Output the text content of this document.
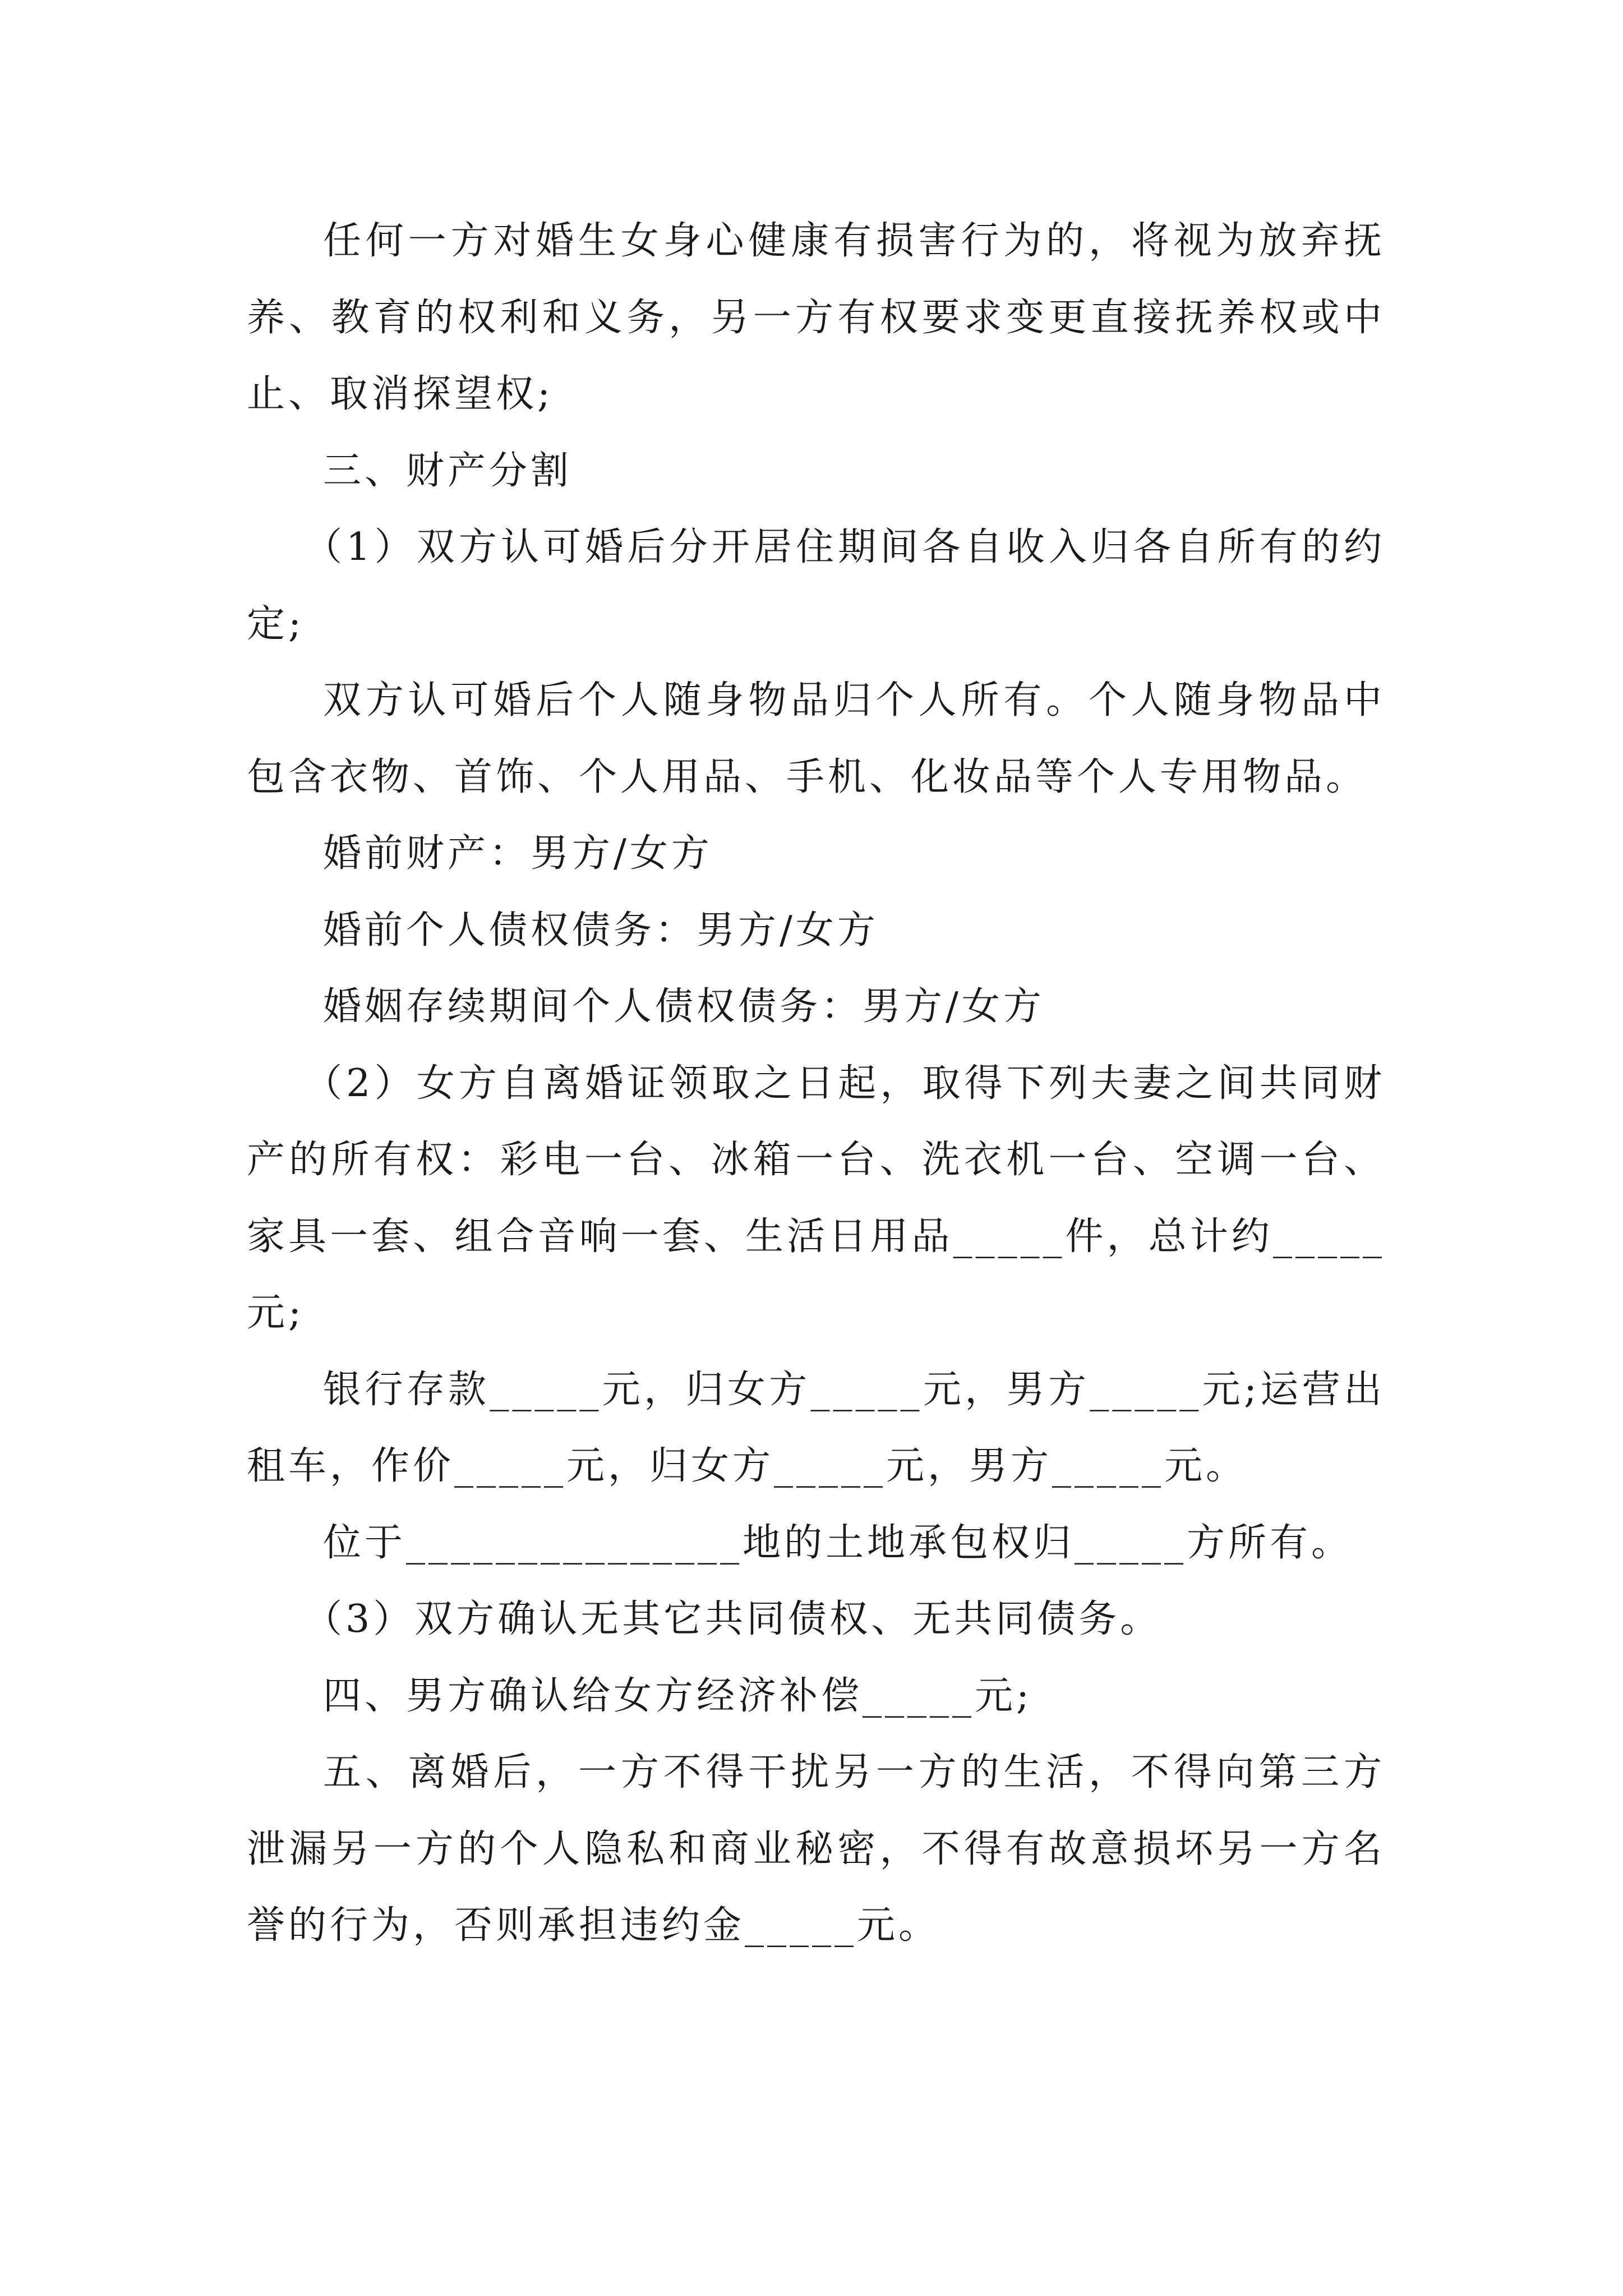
任何一方对婚生女身心健康有损害行为的，将视为放弃抚养、教育的权利和义务，另一方有权要求变更直接抚养权或中止、取消探望权;

三、财产分割

（1）双方认可婚后分开居住期间各自收入归各自所有的约定;

双方认可婚后个人随身物品归个人所有。个人随身物品中包含衣物、首饰、个人用品、手机、化妆品等个人专用物品。

婚前财产：男方/女方

婚前个人债权债务：男方/女方

婚姻存续期间个人债权债务：男方/女方

（2）女方自离婚证领取之日起，取得下列夫妻之间共同财产的所有权：彩电一台、冰箱一台、洗衣机一台、空调一台、家具一套、组合音响一套、生活日用品_____件，总计约_____元;

银行存款_____元，归女方_____元，男方_____元;运营出租车，作价_____元，归女方_____元，男方_____元。

位于_______________地的土地承包权归_____方所有。

（3）双方确认无其它共同债权、无共同债务。

四、男方确认给女方经济补偿_____元;

五、离婚后，一方不得干扰另一方的生活，不得向第三方泄漏另一方的个人隐私和商业秘密，不得有故意损坏另一方名誉的行为，否则承担违约金_____元。
